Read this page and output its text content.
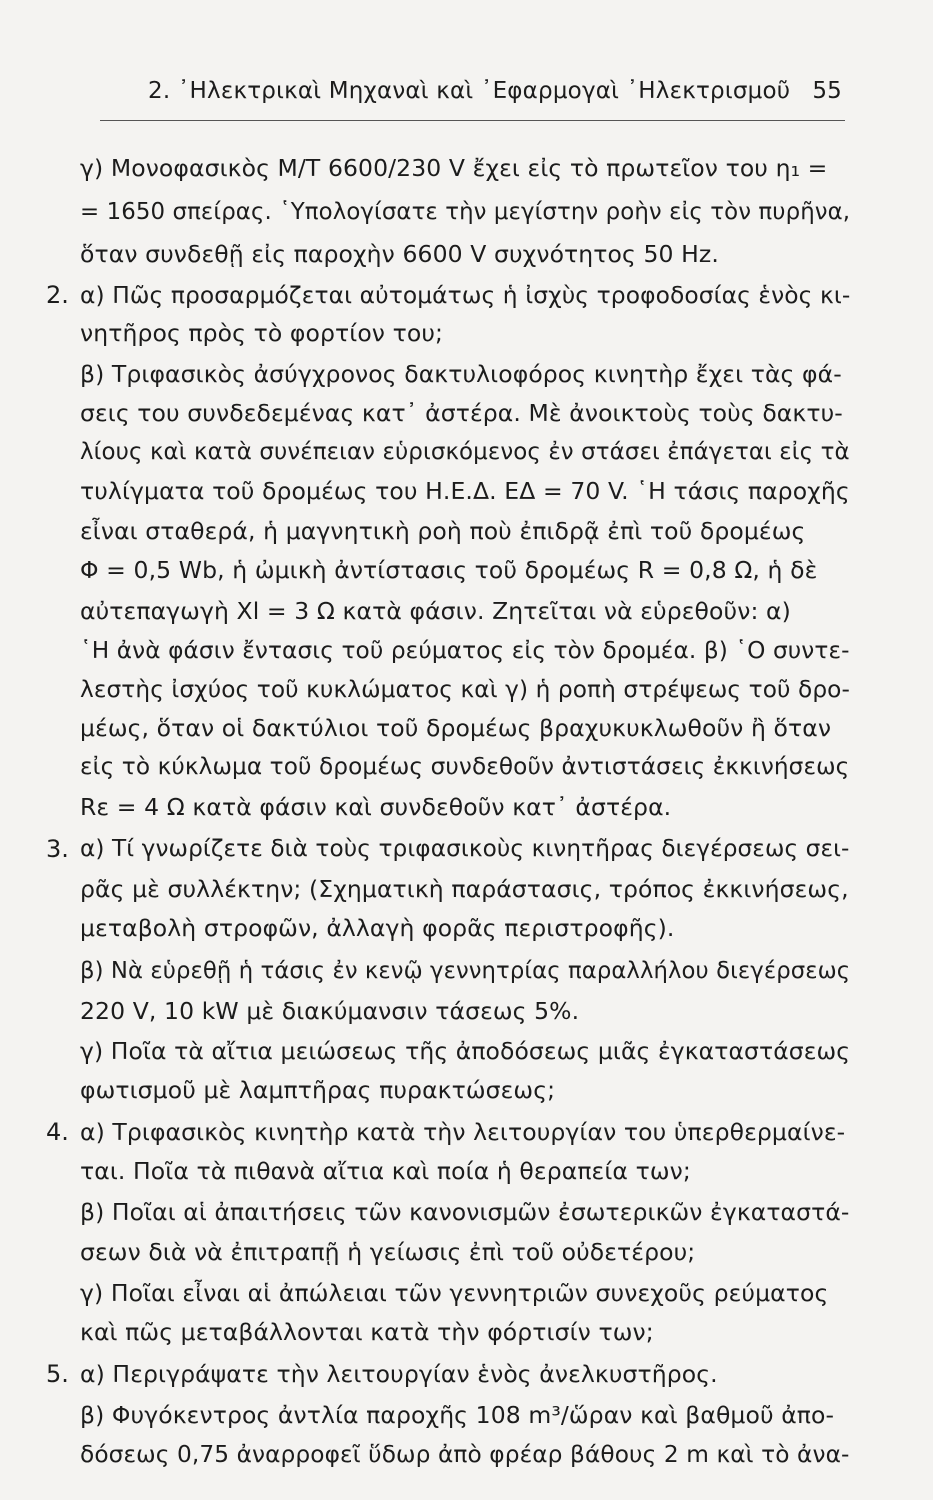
2. ᾽Ηλεκτρικαὶ Μηχαναὶ καὶ ᾽Εφαρμογαὶ ᾽Ηλεκτρισμοῦ 55
γ) Μονοφασικὸς Μ/Τ 6600/230 V ἔχει εἰς τὸ πρωτεῖον του η₁ =
= 1650 σπείρας. ῾Υπολογίσατε τὴν μεγίστην ροὴν εἰς τὸν πυρῆνα,
ὅταν συνδεθῇ εἰς παροχὴν 6600 V συχνότητος 50 Hz.
2. α) Πῶς προσαρμόζεται αὐτομάτως ἡ ἰσχὺς τροφοδοσίας ἑνὸς κι-
νητῆρος πρὸς τὸ φορτίον του;
β) Τριφασικὸς ἀσύγχρονος δακτυλιοφόρος κινητὴρ ἔχει τὰς φά-
σεις του συνδεδεμένας κατ᾽ ἀστέρα. Μὲ ἀνοικτοὺς τοὺς δακτυ-
λίους καὶ κατὰ συνέπειαν εὑρισκόμενος ἐν στάσει ἐπάγεται εἰς τὰ
τυλίγματα τοῦ δρομέως του Η.Ε.Δ. ΕΔ = 70 V. ῾Η τάσις παροχῆς
εἶναι σταθερά, ἡ μαγνητικὴ ροὴ ποὺ ἐπιδρᾷ ἐπὶ τοῦ δρομέως
Φ = 0,5 Wb, ἡ ὠμικὴ ἀντίστασις τοῦ δρομέως R = 0,8 Ω, ἡ δὲ
αὐτεπαγωγὴ Xl = 3 Ω κατὰ φάσιν. Ζητεῖται νὰ εὑρεθοῦν: α)
῾Η ἀνὰ φάσιν ἔντασις τοῦ ρεύματος εἰς τὸν δρομέα. β) ῾Ο συντε-
λεστὴς ἰσχύος τοῦ κυκλώματος καὶ γ) ἡ ροπὴ στρέψεως τοῦ δρο-
μέως, ὅταν οἱ δακτύλιοι τοῦ δρομέως βραχυκυκλωθοῦν ἢ ὅταν
εἰς τὸ κύκλωμα τοῦ δρομέως συνδεθοῦν ἀντιστάσεις ἐκκινήσεως
Rε = 4 Ω κατὰ φάσιν καὶ συνδεθοῦν κατ᾽ ἀστέρα.
3. α) Τί γνωρίζετε διὰ τοὺς τριφασικοὺς κινητῆρας διεγέρσεως σει-
ρᾶς μὲ συλλέκτην; (Σχηματικὴ παράστασις, τρόπος ἐκκινήσεως,
μεταβολὴ στροφῶν, ἀλλαγὴ φορᾶς περιστροφῆς).
β) Νὰ εὑρεθῇ ἡ τάσις ἐν κενῷ γεννητρίας παραλλήλου διεγέρσεως
220 V, 10 kW μὲ διακύμανσιν τάσεως 5%.
γ) Ποῖα τὰ αἴτια μειώσεως τῆς ἀποδόσεως μιᾶς ἐγκαταστάσεως
φωτισμοῦ μὲ λαμπτῆρας πυρακτώσεως;
4. α) Τριφασικὸς κινητὴρ κατὰ τὴν λειτουργίαν του ὑπερθερμαίνε-
ται. Ποῖα τὰ πιθανὰ αἴτια καὶ ποία ἡ θεραπεία των;
β) Ποῖαι αἱ ἀπαιτήσεις τῶν κανονισμῶν ἐσωτερικῶν ἐγκαταστά-
σεων διὰ νὰ ἐπιτραπῇ ἡ γείωσις ἐπὶ τοῦ οὐδετέρου;
γ) Ποῖαι εἶναι αἱ ἀπώλειαι τῶν γεννητριῶν συνεχοῦς ρεύματος
καὶ πῶς μεταβάλλονται κατὰ τὴν φόρτισίν των;
5. α) Περιγράψατε τὴν λειτουργίαν ἑνὸς ἀνελκυστῆρος.
β) Φυγόκεντρος ἀντλία παροχῆς 108 m³/ὥραν καὶ βαθμοῦ ἀπο-
δόσεως 0,75 ἀναρροφεῖ ὕδωρ ἀπὸ φρέαρ βάθους 2 m καὶ τὸ ἀνα-
